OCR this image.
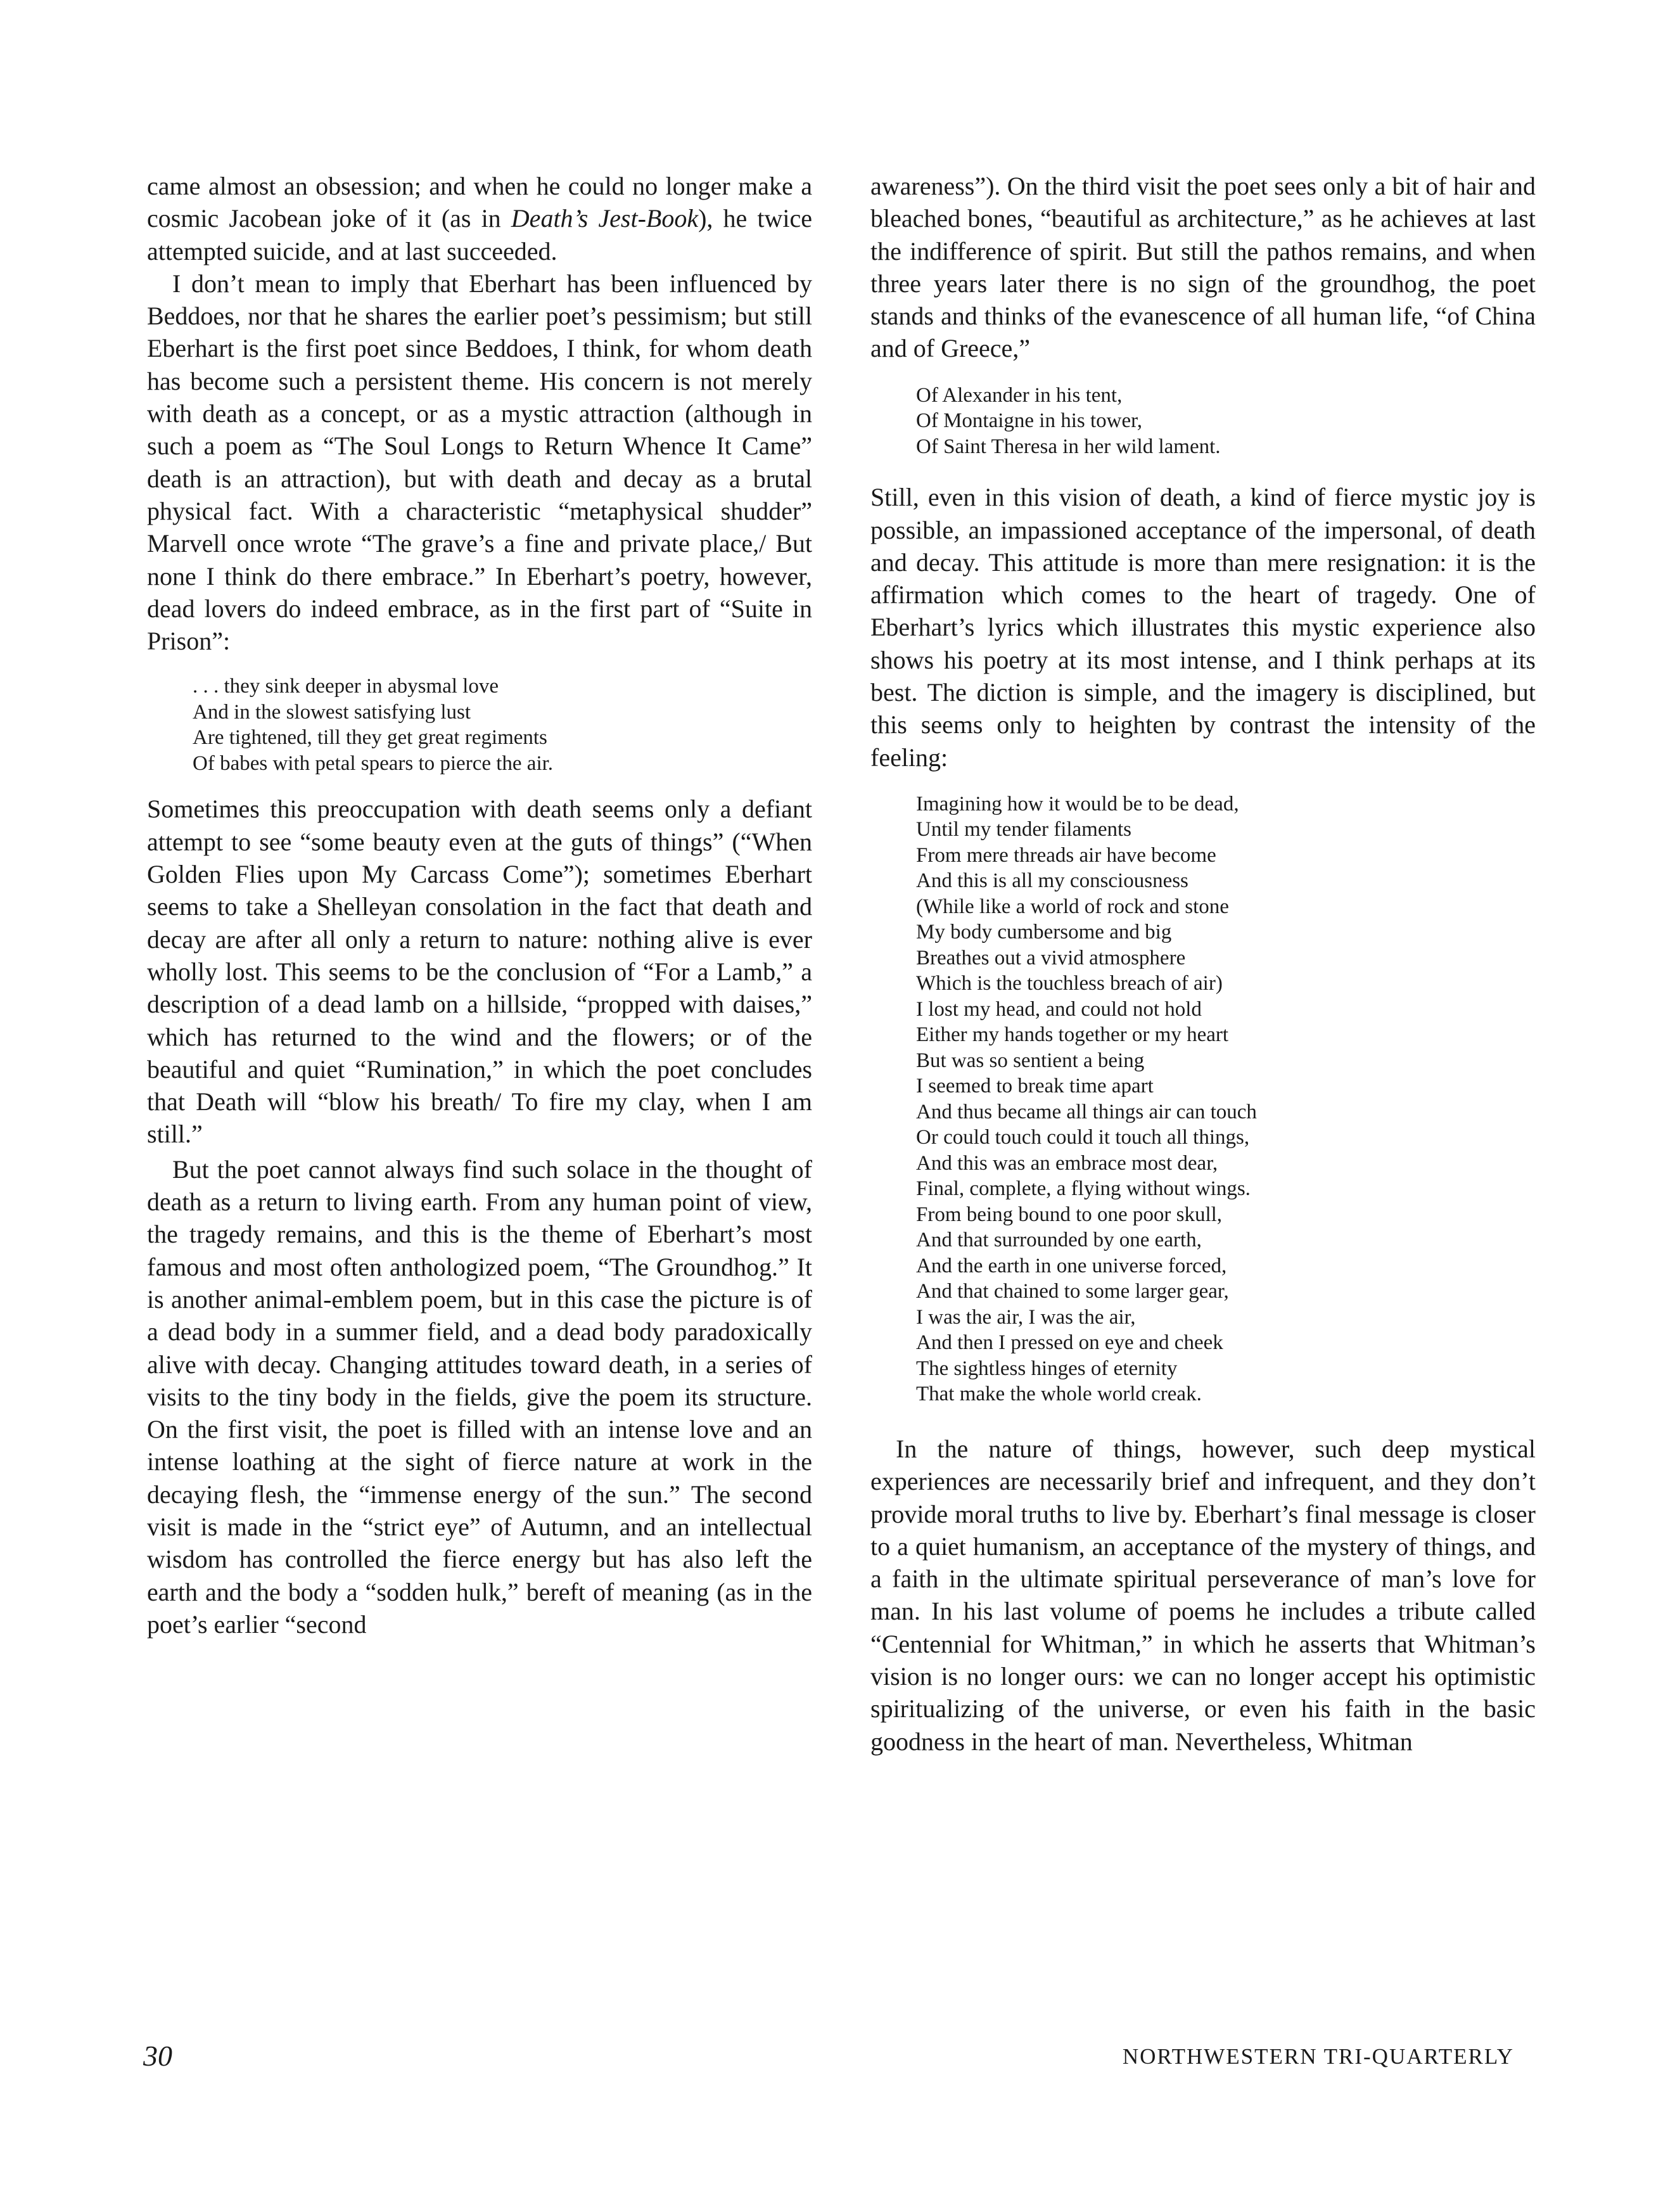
came almost an obsession; and when he could no longer make a cosmic Jacobean joke of it (as in Death’s Jest-Book), he twice attempted suicide, and at last succeeded.

I don’t mean to imply that Eberhart has been influenced by Beddoes, nor that he shares the earlier poet’s pessimism; but still Eberhart is the first poet since Beddoes, I think, for whom death has become such a persistent theme. His concern is not merely with death as a concept, or as a mystic attraction (although in such a poem as “The Soul Longs to Return Whence It Came” death is an attraction), but with death and decay as a brutal physical fact. With a characteristic “metaphysical shudder” Marvell once wrote “The grave’s a fine and private place,/ But none I think do there embrace.” In Eberhart’s poetry, however, dead lovers do indeed embrace, as in the first part of “Suite in Prison”:

. . . they sink deeper in abysmal love

And in the slowest satisfying lust

Are tightened, till they get great regiments

Of babes with petal spears to pierce the air.

Sometimes this preoccupation with death seems only a defiant attempt to see “some beauty even at the guts of things” (“When Golden Flies upon My Carcass Come”); sometimes Eberhart seems to take a Shelleyan consolation in the fact that death and decay are after all only a return to nature: nothing alive is ever wholly lost. This seems to be the conclusion of “For a Lamb,” a description of a dead lamb on a hillside, “propped with daises,” which has returned to the wind and the flowers; or of the beautiful and quiet “Rumination,” in which the poet concludes that Death will “blow his breath/ To fire my clay, when I am still.”

But the poet cannot always find such solace in the thought of death as a return to living earth. From any human point of view, the tragedy remains, and this is the theme of Eberhart’s most famous and most often anthologized poem, “The Groundhog.” It is another animal-emblem poem, but in this case the picture is of a dead body in a summer field, and a dead body paradoxically alive with decay. Changing attitudes toward death, in a series of visits to the tiny body in the fields, give the poem its structure. On the first visit, the poet is filled with an intense love and an intense loathing at the sight of fierce nature at work in the decaying flesh, the “immense energy of the sun.” The second visit is made in the “strict eye” of Autumn, and an intellectual wisdom has controlled the fierce energy but has also left the earth and the body a “sodden hulk,” bereft of meaning (as in the poet’s earlier “second

awareness”). On the third visit the poet sees only a bit of hair and bleached bones, “beautiful as architecture,” as he achieves at last the indifference of spirit. But still the pathos remains, and when three years later there is no sign of the groundhog, the poet stands and thinks of the evanescence of all human life, “of China and of Greece,”

Of Alexander in his tent,

Of Montaigne in his tower,

Of Saint Theresa in her wild lament.

Still, even in this vision of death, a kind of fierce mystic joy is possible, an impassioned acceptance of the impersonal, of death and decay. This attitude is more than mere resignation: it is the affirmation which comes to the heart of tragedy. One of Eberhart’s lyrics which illustrates this mystic experience also shows his poetry at its most intense, and I think perhaps at its best. The diction is simple, and the imagery is disciplined, but this seems only to heighten by contrast the intensity of the feeling:

Imagining how it would be to be dead,

Until my tender filaments

From mere threads air have become

And this is all my consciousness

(While like a world of rock and stone

My body cumbersome and big

Breathes out a vivid atmosphere

Which is the touchless breach of air)

I lost my head, and could not hold

Either my hands together or my heart

But was so sentient a being

I seemed to break time apart

And thus became all things air can touch

Or could touch could it touch all things,

And this was an embrace most dear,

Final, complete, a flying without wings.

From being bound to one poor skull,

And that surrounded by one earth,

And the earth in one universe forced,

And that chained to some larger gear,

I was the air, I was the air,

And then I pressed on eye and cheek

The sightless hinges of eternity

That make the whole world creak.

In the nature of things, however, such deep mystical experiences are necessarily brief and infrequent, and they don’t provide moral truths to live by. Eberhart’s final message is closer to a quiet humanism, an acceptance of the mystery of things, and a faith in the ultimate spiritual perseverance of man’s love for man. In his last volume of poems he includes a tribute called “Centennial for Whitman,” in which he asserts that Whitman’s vision is no longer ours: we can no longer accept his optimistic spiritualizing of the universe, or even his faith in the basic goodness in the heart of man. Nevertheless, Whitman

30	NORTHWESTERN TRI-QUARTERLY
